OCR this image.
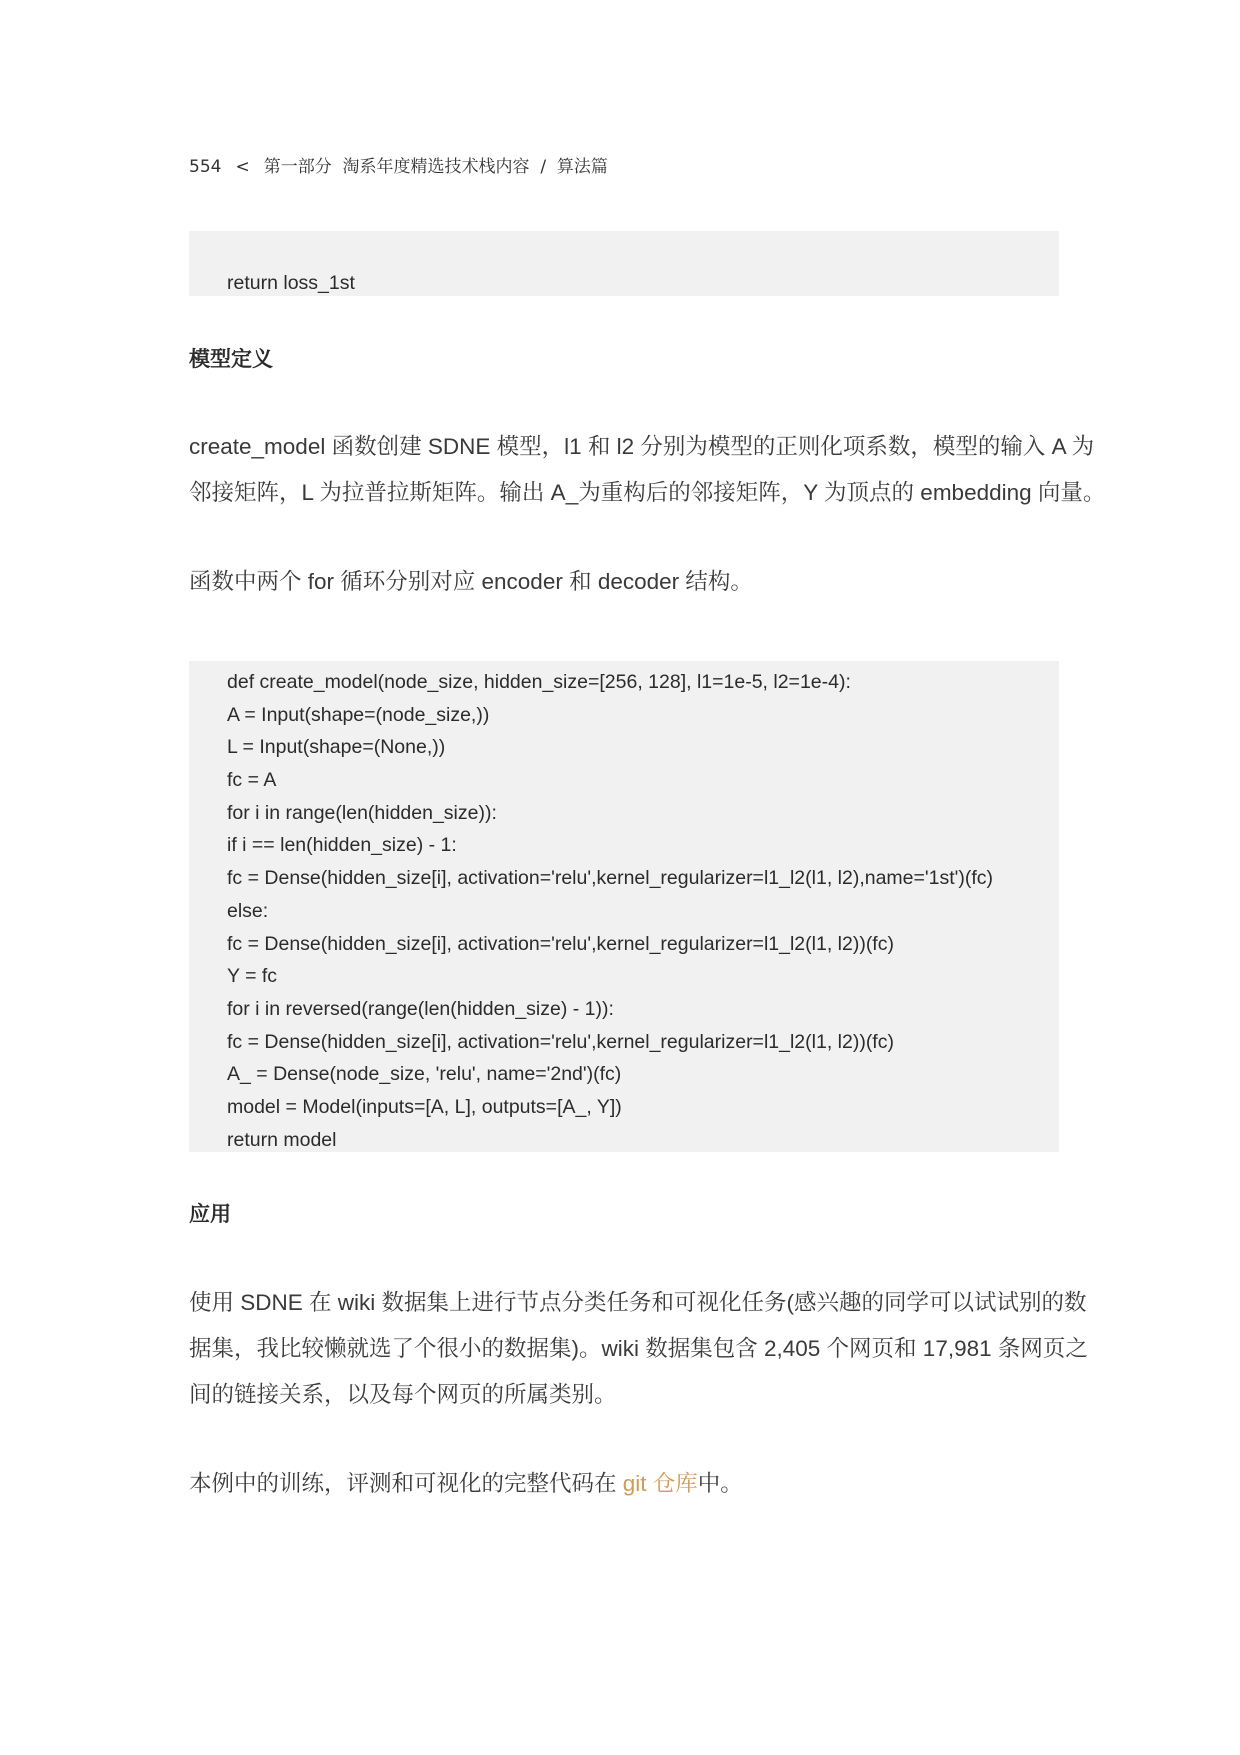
554 < 第一部分 淘系年度精选技术栈内容 / 算法篇
return loss_1st
模型定义
create_model 函数创建 SDNE 模型，l1 和 l2 分别为模型的正则化项系数，模型的输入 A 为
邻接矩阵，L 为拉普拉斯矩阵。输出 A_为重构后的邻接矩阵，Y 为顶点的 embedding 向量。
函数中两个 for 循环分别对应 encoder 和 decoder 结构。
def create_model(node_size, hidden_size=[256, 128], l1=1e-5, l2=1e-4):
A = Input(shape=(node_size,))
L = Input(shape=(None,))
fc = A
for i in range(len(hidden_size)):
if i == len(hidden_size) - 1:
fc = Dense(hidden_size[i], activation='relu',kernel_regularizer=l1_l2(l1, l2),name='1st')(fc)
else:
fc = Dense(hidden_size[i], activation='relu',kernel_regularizer=l1_l2(l1, l2))(fc)
Y = fc
for i in reversed(range(len(hidden_size) - 1)):
fc = Dense(hidden_size[i], activation='relu',kernel_regularizer=l1_l2(l1, l2))(fc)
A_ = Dense(node_size, 'relu', name='2nd')(fc)
model = Model(inputs=[A, L], outputs=[A_, Y])
return model
应用
使用 SDNE 在 wiki 数据集上进行节点分类任务和可视化任务(感兴趣的同学可以试试别的数
据集，我比较懒就选了个很小的数据集)。wiki 数据集包含 2,405 个网页和 17,981 条网页之
间的链接关系，以及每个网页的所属类别。
本例中的训练，评测和可视化的完整代码在 git 仓库中。
